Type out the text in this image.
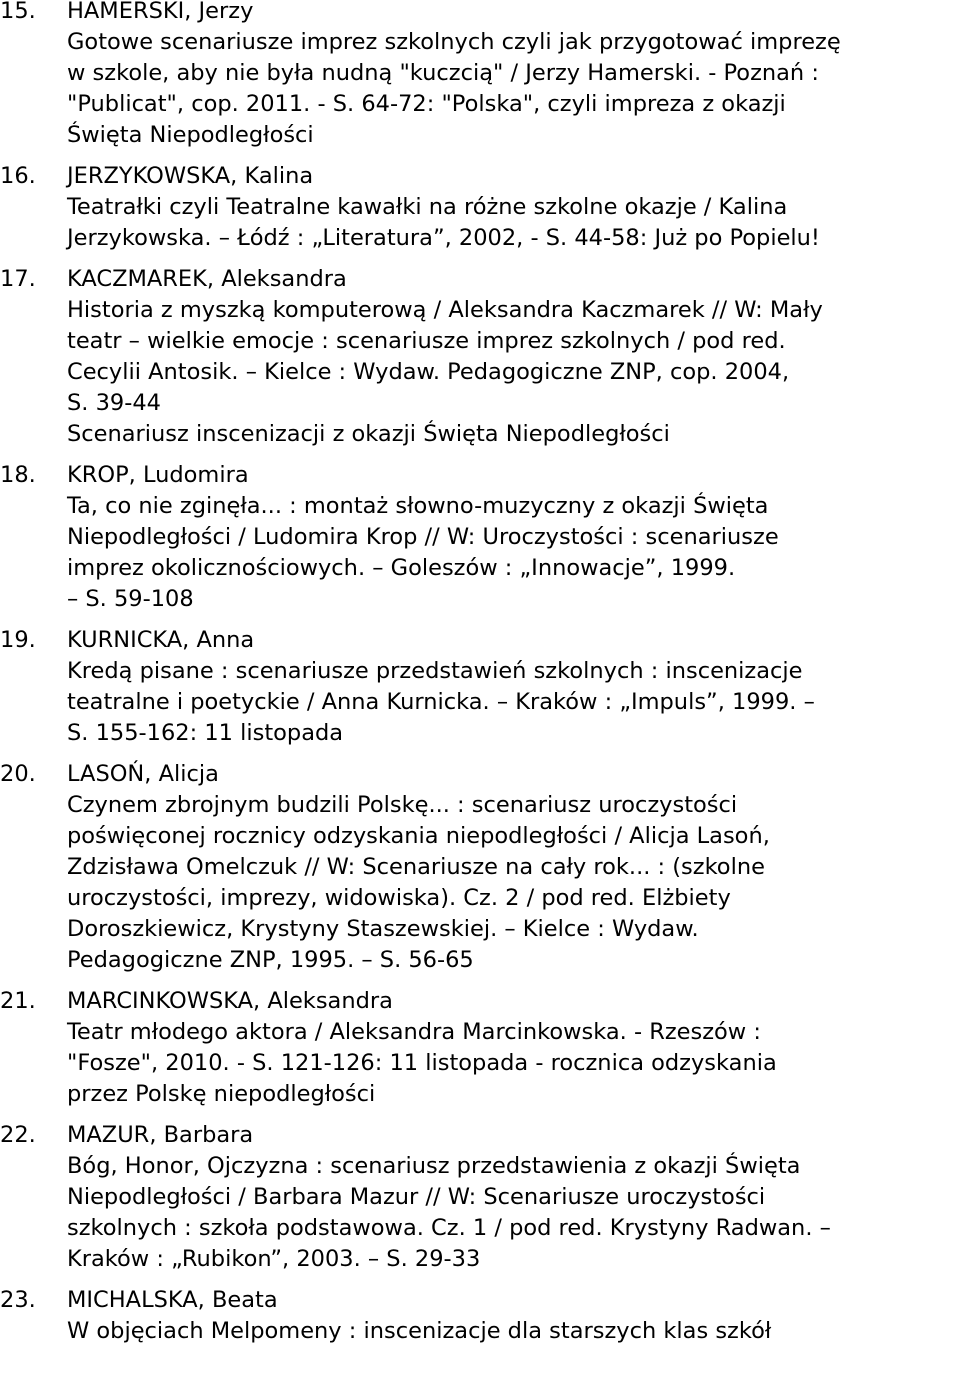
15. HAMERSKI, Jerzy
Gotowe scenariusze imprez szkolnych czyli jak przygotować imprezę
w szkole, aby nie była nudną "kuczcią" / Jerzy Hamerski. - Poznań :
"Publicat", cop. 2011. - S. 64-72: "Polska", czyli impreza z okazji
Święta Niepodległości
16. JERZYKOWSKA, Kalina
Teatrałki czyli Teatralne kawałki na różne szkolne okazje / Kalina
Jerzykowska. – Łódź : „Literatura”, 2002, - S. 44-58: Już po Popielu!
17. KACZMAREK, Aleksandra
Historia z myszką komputerową / Aleksandra Kaczmarek // W: Mały
teatr – wielkie emocje : scenariusze imprez szkolnych / pod red.
Cecylii Antosik. – Kielce : Wydaw. Pedagogiczne ZNP, cop. 2004,
S. 39-44
Scenariusz inscenizacji z okazji Święta Niepodległości
18. KROP, Ludomira
Ta, co nie zginęła... : montaż słowno-muzyczny z okazji Święta
Niepodległości / Ludomira Krop // W: Uroczystości : scenariusze
imprez okolicznościowych. – Goleszów : „Innowacje”, 1999.
– S. 59-108
19. KURNICKA, Anna
Kredą pisane : scenariusze przedstawień szkolnych : inscenizacje
teatralne i poetyckie / Anna Kurnicka. – Kraków : „Impuls”, 1999. –
S. 155-162: 11 listopada
20. LASOŃ, Alicja
Czynem zbrojnym budzili Polskę... : scenariusz uroczystości
poświęconej rocznicy odzyskania niepodległości / Alicja Lasoń,
Zdzisława Omelczuk // W: Scenariusze na cały rok... : (szkolne
uroczystości, imprezy, widowiska). Cz. 2 / pod red. Elżbiety
Doroszkiewicz, Krystyny Staszewskiej. – Kielce : Wydaw.
Pedagogiczne ZNP, 1995. – S. 56-65
21. MARCINKOWSKA, Aleksandra
Teatr młodego aktora / Aleksandra Marcinkowska. - Rzeszów :
"Fosze", 2010. - S. 121-126: 11 listopada - rocznica odzyskania
przez Polskę niepodległości
22. MAZUR, Barbara
Bóg, Honor, Ojczyzna : scenariusz przedstawienia z okazji Święta
Niepodległości / Barbara Mazur // W: Scenariusze uroczystości
szkolnych : szkoła podstawowa. Cz. 1 / pod red. Krystyny Radwan. –
Kraków : „Rubikon”, 2003. – S. 29-33
23. MICHALSKA, Beata
W objęciach Melpomeny : inscenizacje dla starszych klas szkół
